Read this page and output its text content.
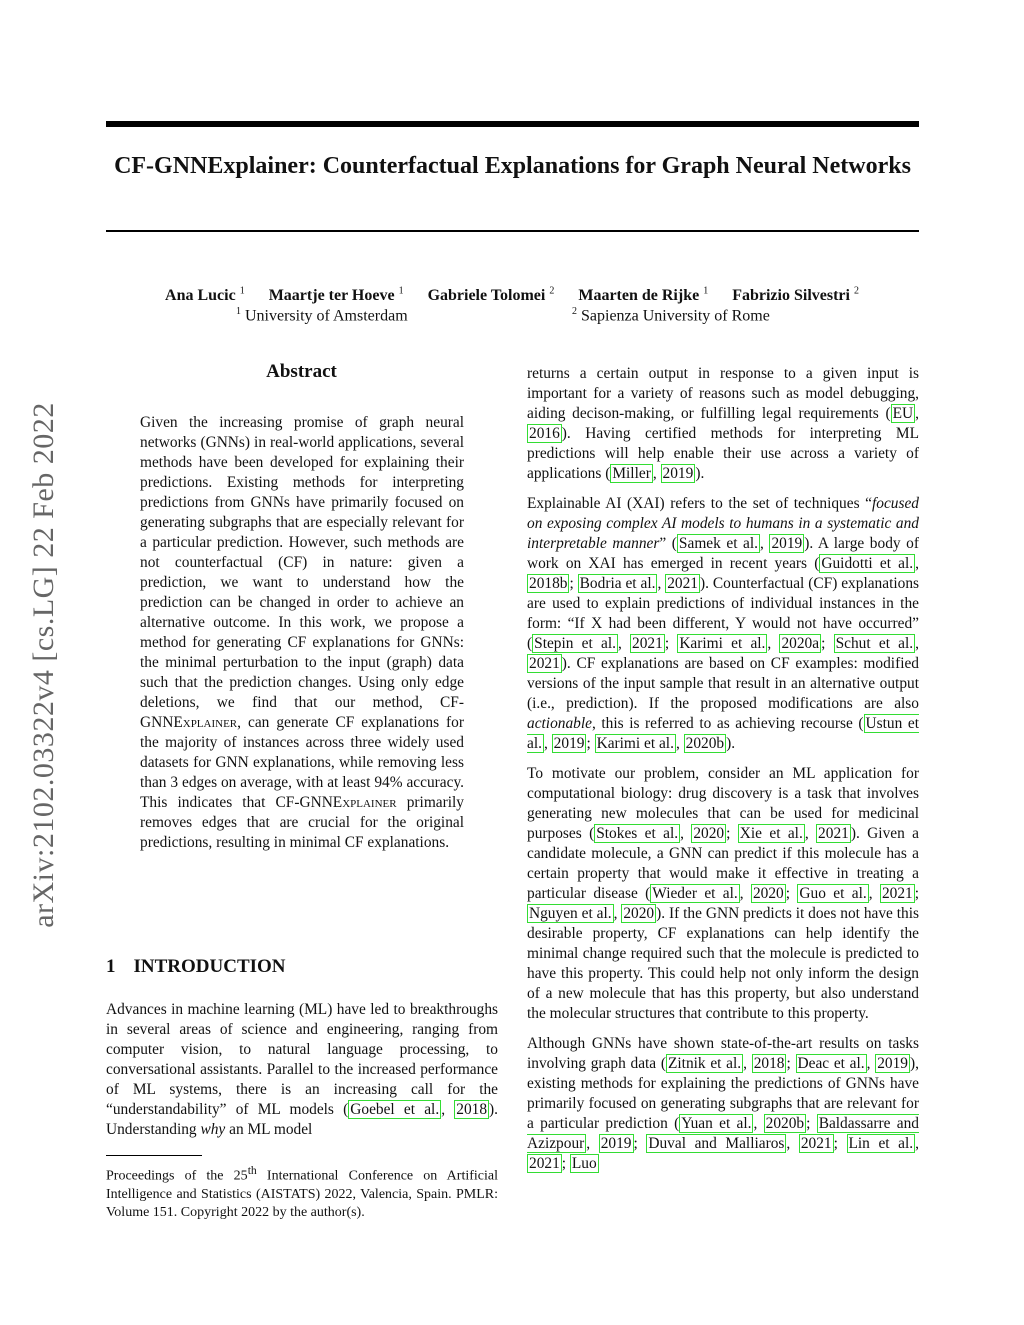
CF-GNNExplainer: Counterfactual Explanations for Graph Neural Networks
Ana Lucic $^1$ Maartje ter Hoeve $^1$ Gabriele Tolomei $^2$ Maarten de Rijke $^1$ Fabrizio Silvestri $^2$
$^1$ University of Amsterdam	$^2$ Sapienza University of Rome
arXiv:2102.03322v4 [cs.LG] 22 Feb 2022
Abstract
Given the increasing promise of graph neural networks (GNNs) in real-world applications, several methods have been developed for explaining their predictions. Existing methods for interpreting predictions from GNNs have primarily focused on generating subgraphs that are especially relevant for a particular prediction. However, such methods are not counterfactual (CF) in nature: given a prediction, we want to understand how the prediction can be changed in order to achieve an alternative outcome. In this work, we propose a method for generating CF explanations for GNNs: the minimal perturbation to the input (graph) data such that the prediction changes. Using only edge deletions, we find that our method, CF-GNNExplainer, can generate CF explanations for the majority of instances across three widely used datasets for GNN explanations, while removing less than 3 edges on average, with at least 94% accuracy. This indicates that CF-GNNExplainer primarily removes edges that are crucial for the original predictions, resulting in minimal CF explanations.
1 INTRODUCTION
Advances in machine learning (ML) have led to breakthroughs in several areas of science and engineering, ranging from computer vision, to natural language processing, to conversational assistants. Parallel to the increased performance of ML systems, there is an increasing call for the “understandability” of ML models ( Goebel et al. , 2018 ). Understanding why an ML model
Proceedings of the 25th International Conference on Artificial Intelligence and Statistics (AISTATS) 2022, Valencia, Spain. PMLR: Volume 151. Copyright 2022 by the author(s).

returns a certain output in response to a given input is important for a variety of reasons such as model debugging, aiding decison-making, or fulfilling legal requirements ( EU , 2016 ). Having certified methods for interpreting ML predictions will help enable their use across a variety of applications ( Miller , 2019 ).

Explainable AI (XAI) refers to the set of techniques “focused on exposing complex AI models to humans in a systematic and interpretable manner” ( Samek et al. , 2019 ). A large body of work on XAI has emerged in recent years ( Guidotti et al. , 2018b ; Bodria et al. , 2021 ). Counterfactual (CF) explanations are used to explain predictions of individual instances in the form: “If X had been different, Y would not have occurred” ( Stepin et al. , 2021 ; Karimi et al. , 2020a ; Schut et al. , 2021 ). CF explanations are based on CF examples: modified versions of the input sample that result in an alternative output (i.e., prediction). If the proposed modifications are also actionable, this is referred to as achieving recourse ( Ustun et al. , 2019 ; Karimi et al. , 2020b ).

To motivate our problem, consider an ML application for computational biology: drug discovery is a task that involves generating new molecules that can be used for medicinal purposes ( Stokes et al. , 2020 ; Xie et al. , 2021 ). Given a candidate molecule, a GNN can predict if this molecule has a certain property that would make it effective in treating a particular disease ( Wieder et al. , 2020 ; Guo et al. , 2021 ; Nguyen et al. , 2020 ). If the GNN predicts it does not have this desirable property, CF explanations can help identify the minimal change required such that the molecule is predicted to have this property. This could help not only inform the design of a new molecule that has this property, but also understand the molecular structures that contribute to this property.

Although GNNs have shown state-of-the-art results on tasks involving graph data ( Zitnik et al. , 2018 ; Deac et al. , 2019 ), existing methods for explaining the predictions of GNNs have primarily focused on generating subgraphs that are relevant for a particular prediction ( Yuan et al. , 2020b ; Baldassarre and Azizpour , 2019 ; Duval and Malliaros , 2021 ; Lin et al. , 2021 ; Luo
